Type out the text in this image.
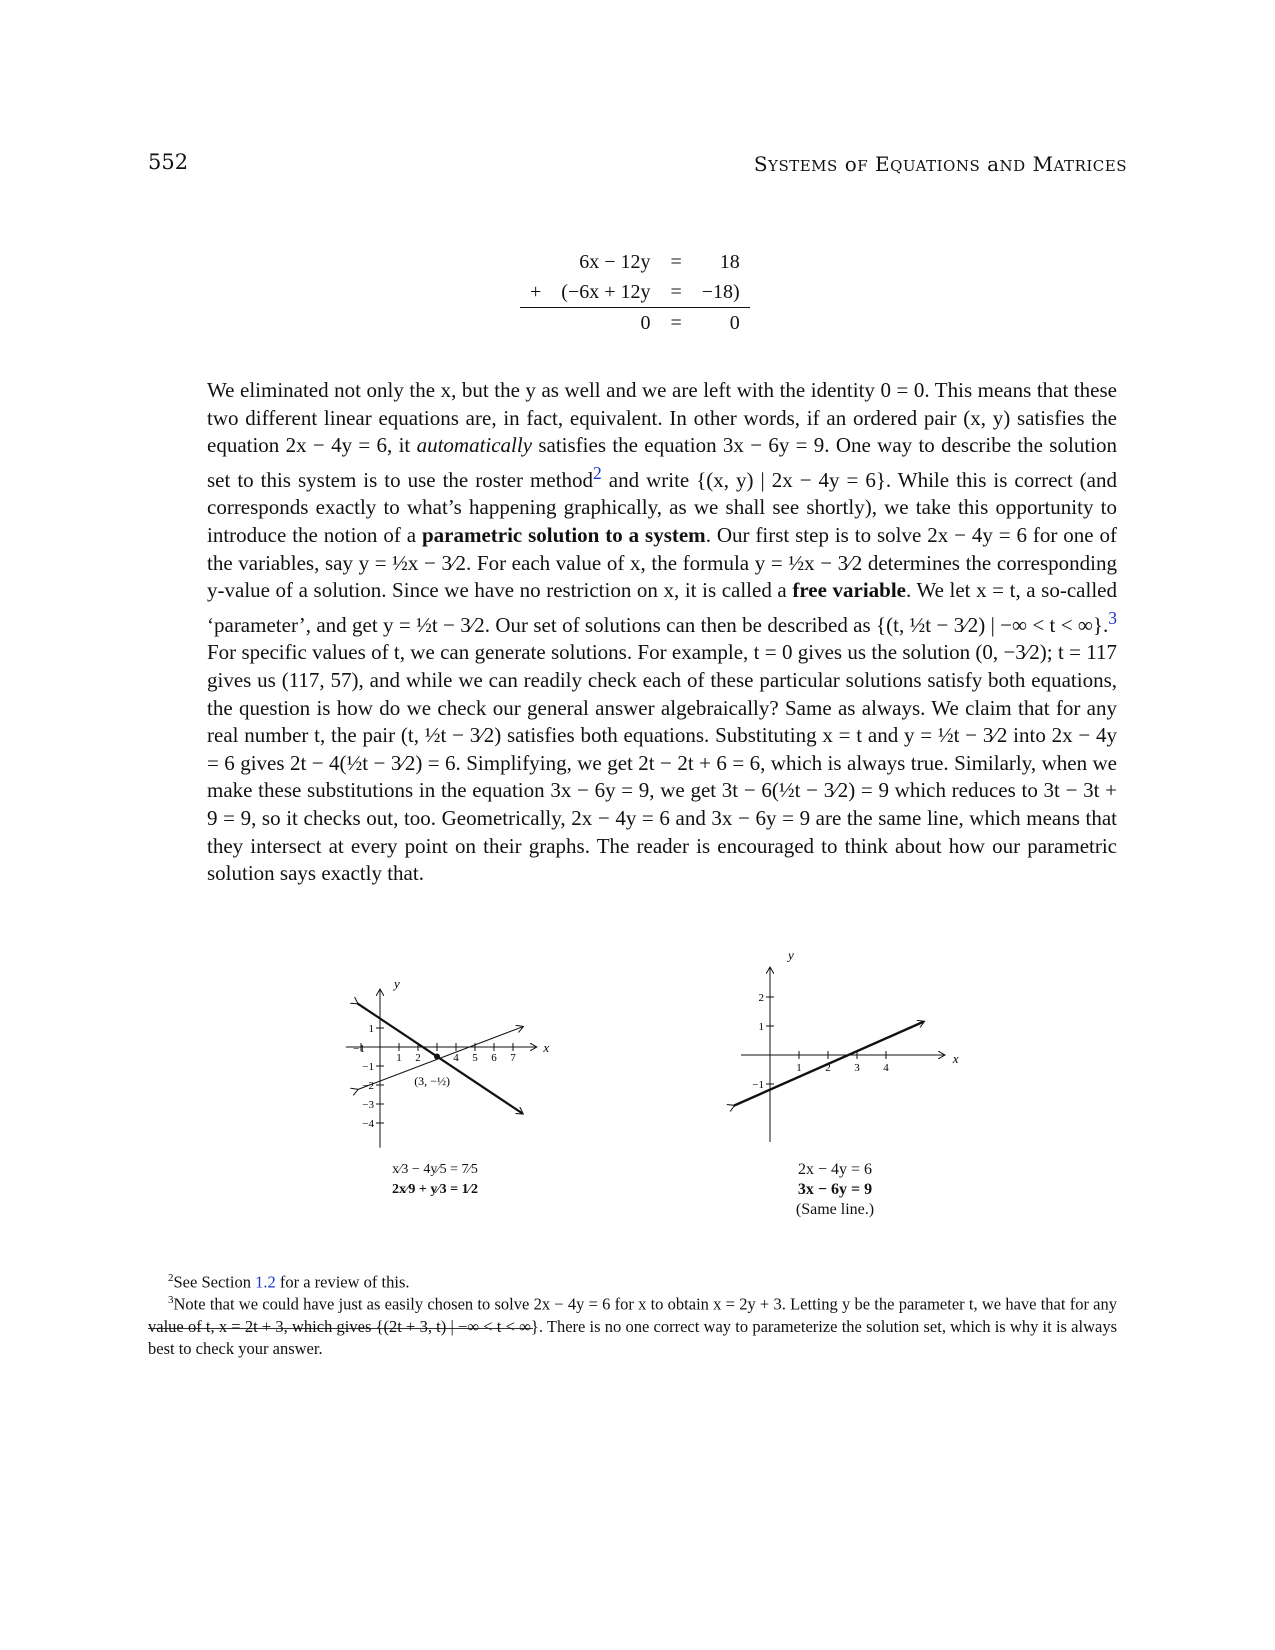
552	SYSTEMS oF EQUATIONS aND MATRICES
	6x − 12y	=	18
+	(−6x + 12y	=	−18)
	0	=	0
We eliminated not only the x, but the y as well and we are left with the identity 0 = 0. This means that these two different linear equations are, in fact, equivalent. In other words, if an ordered pair (x, y) satisfies the equation 2x − 4y = 6, it automatically satisfies the equation 3x − 6y = 9. One way to describe the solution set to this system is to use the roster method$^2$ and write {(x, y) | 2x − 4y = 6}. While this is correct (and corresponds exactly to what’s happening graphically, as we shall see shortly), we take this opportunity to introduce the notion of a parametric solution to a system. Our first step is to solve 2x − 4y = 6 for one of the variables, say y = ½x − 3⁄2. For each value of x, the formula y = ½x − 3⁄2 determines the corresponding y-value of a solution. Since we have no restriction on x, it is called a free variable. We let x = t, a so-called ‘parameter’, and get y = ½t − 3⁄2. Our set of solutions can then be described as {(t, ½t − 3⁄2) | −∞ < t < ∞}.$^3$ For specific values of t, we can generate solutions. For example, t = 0 gives us the solution (0, −3⁄2); t = 117 gives us (117, 57), and while we can readily check each of these particular solutions satisfy both equations, the question is how do we check our general answer algebraically? Same as always. We claim that for any real number t, the pair (t, ½t − 3⁄2) satisfies both equations. Substituting x = t and y = ½t − 3⁄2 into 2x − 4y = 6 gives 2t − 4(½t − 3⁄2) = 6. Simplifying, we get 2t − 2t + 6 = 6, which is always true. Similarly, when we make these substitutions in the equation 3x − 6y = 9, we get 3t − 6(½t − 3⁄2) = 9 which reduces to 3t − 3t + 9 = 9, so it checks out, too. Geometrically, 2x − 4y = 6 and 3x − 6y = 9 are the same line, which means that they intersect at every point on their graphs. The reader is encouraged to think about how our parametric solution says exactly that.
1 2	4 5 6 7
−1
1
−1
−2
−3
−4
x
y
(3, −½)
x⁄3 − 4y⁄5 = 7⁄5
2x⁄9 + y⁄3 = 1⁄2
1 2 3 4
2
1
−1
x
y
2x − 4y = 6
3x − 6y = 9
(Same line.)
$^2$See Section 1.2 for a review of this.
$^3$Note that we could have just as easily chosen to solve 2x − 4y = 6 for x to obtain x = 2y + 3. Letting y be the parameter t, we have that for any value of t, x = 2t + 3, which gives {(2t + 3, t) | −∞ < t < ∞}. There is no one correct way to parameterize the solution set, which is why it is always best to check your answer.
